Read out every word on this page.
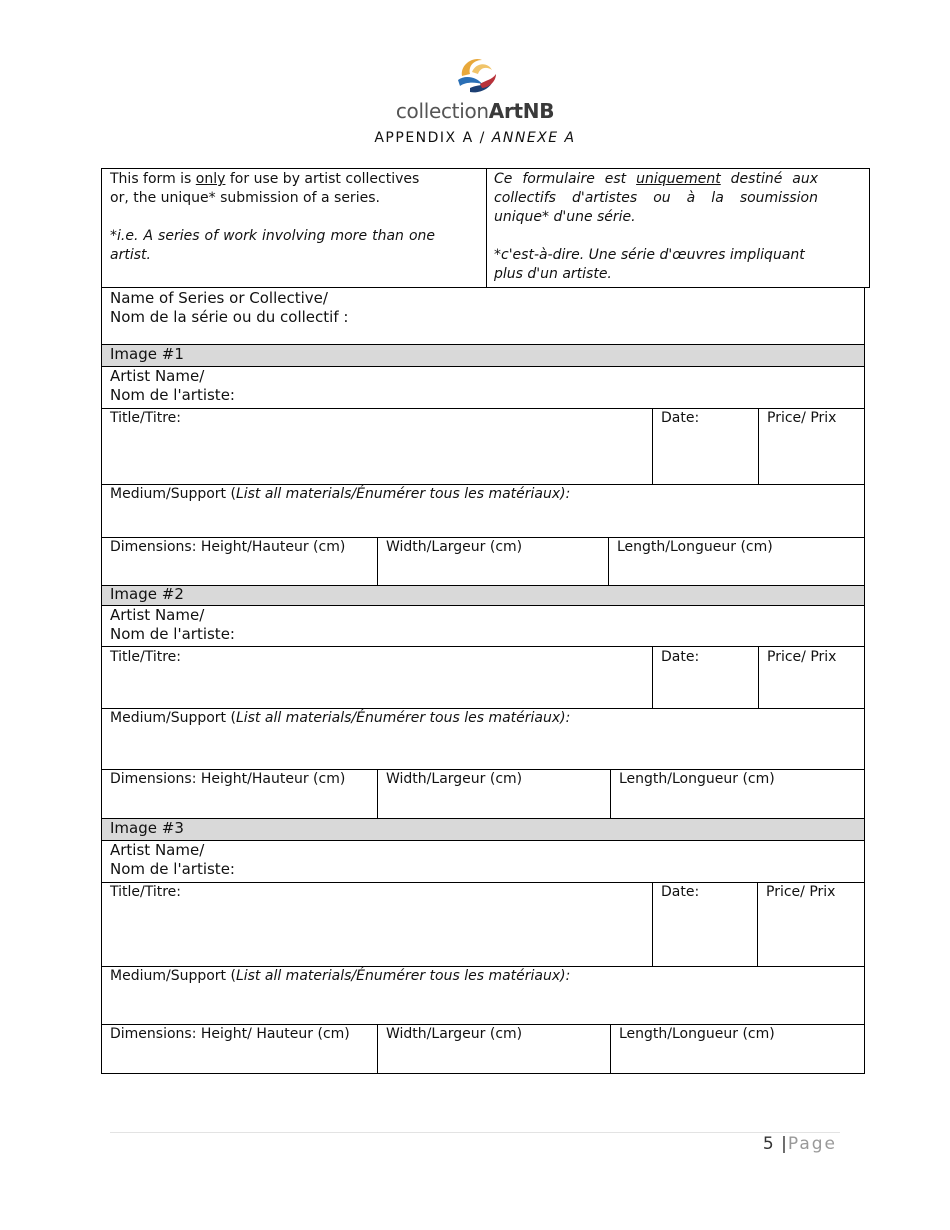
collectionArtNB
APPENDIX A / ANNEXE A
This form is only for use by artist collectives or, the unique* submission of a series.
*i.e. A series of work involving more than one artist.
Ce formulaire est uniquement destiné aux collectifs d'artistes ou à la soumission unique* d'une série.
*c'est-à-dire. Une série d'œuvres impliquant plus d'un artiste.
Name of Series or Collective/
Nom de la série ou du collectif :
Image #1
Artist Name/
Nom de l'artiste:
Title/Titre:	Date:	Price/ Prix
Medium/Support (List all materials/Énumérer tous les matériaux):
Dimensions: Height/Hauteur (cm)	Width/Largeur (cm)	Length/Longueur (cm)
Image #2
Artist Name/
Nom de l'artiste:
Title/Titre:	Date:	Price/ Prix
Medium/Support (List all materials/Énumérer tous les matériaux):
Dimensions: Height/Hauteur (cm)	Width/Largeur (cm)	Length/Longueur (cm)
Image #3
Artist Name/
Nom de l'artiste:
Title/Titre:	Date:	Price/ Prix
Medium/Support (List all materials/Énumérer tous les matériaux):
Dimensions: Height/ Hauteur (cm)	Width/Largeur (cm)	Length/Longueur (cm)
5 |Page
